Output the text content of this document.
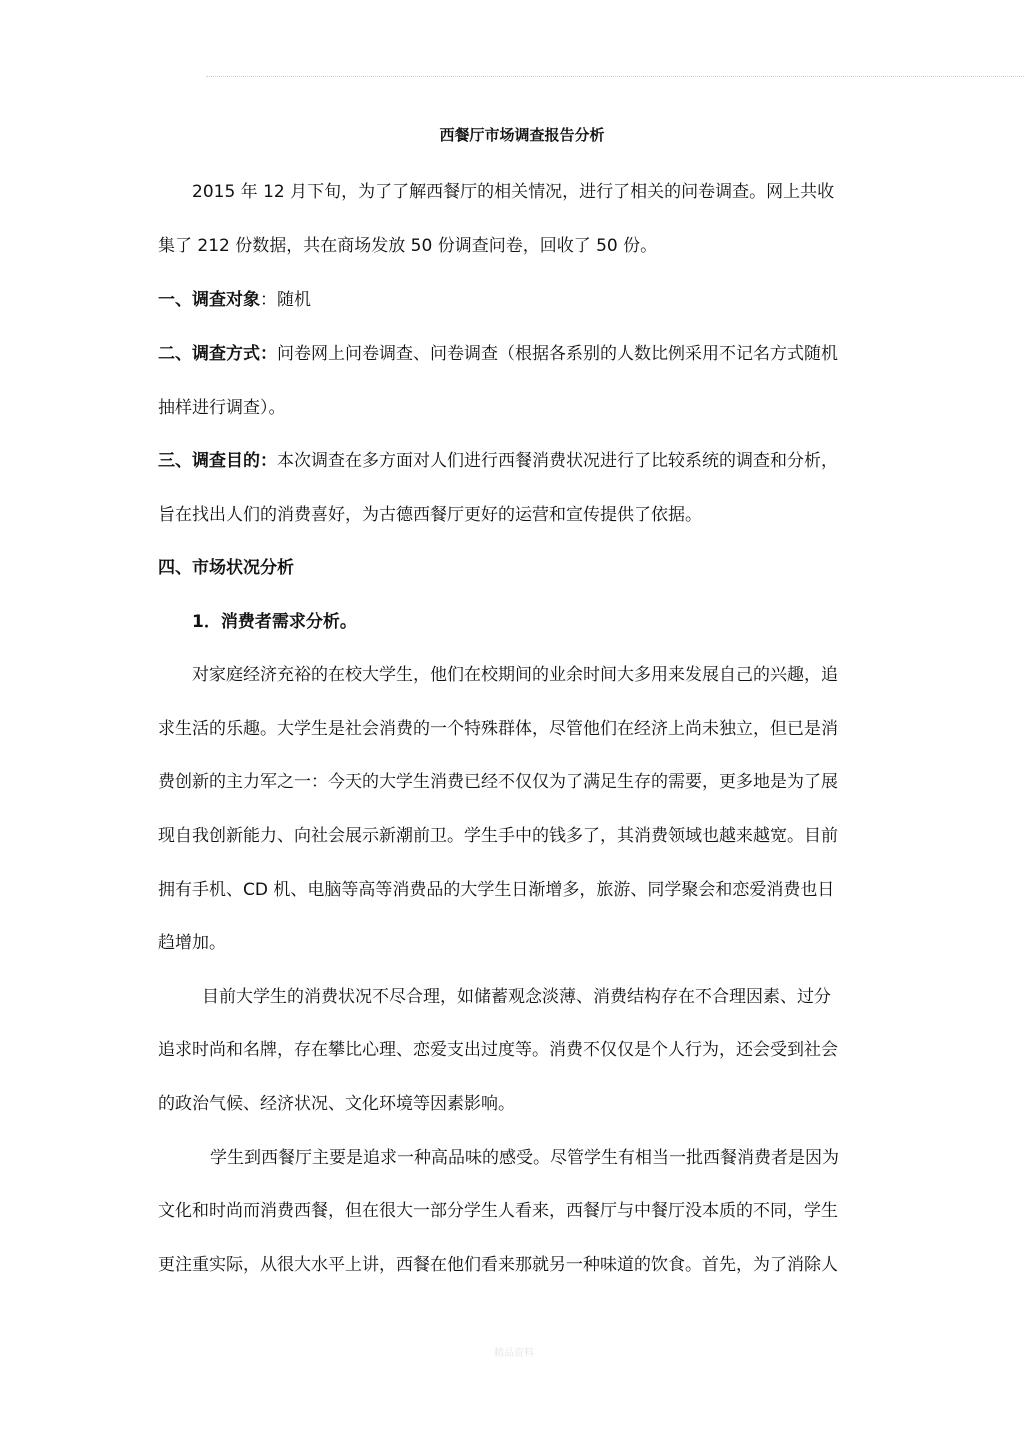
西餐厅市场调查报告分析
2015 年 12 月下旬，为了了解西餐厅的相关情况，进行了相关的问卷调查。网上共收
集了 212 份数据，共在商场发放 50 份调查问卷，回收了 50 份。
一、调查对象：随机
二、调查方式：问卷网上问卷调查、问卷调查（根据各系别的人数比例采用不记名方式随机
抽样进行调查）。
三、调查目的：本次调查在多方面对人们进行西餐消费状况进行了比较系统的调查和分析，
旨在找出人们的消费喜好，为古德西餐厅更好的运营和宣传提供了依据。
四、市场状况分析
1．消费者需求分析。
对家庭经济充裕的在校大学生，他们在校期间的业余时间大多用来发展自己的兴趣，追
求生活的乐趣。大学生是社会消费的一个特殊群体，尽管他们在经济上尚未独立，但已是消
费创新的主力军之一：今天的大学生消费已经不仅仅为了满足生存的需要，更多地是为了展
现自我创新能力、向社会展示新潮前卫。学生手中的钱多了，其消费领域也越来越宽。目前
拥有手机、CD 机、电脑等高等消费品的大学生日渐增多，旅游、同学聚会和恋爱消费也日
趋增加。
目前大学生的消费状况不尽合理，如储蓄观念淡薄、消费结构存在不合理因素、过分
追求时尚和名牌，存在攀比心理、恋爱支出过度等。消费不仅仅是个人行为，还会受到社会
的政治气候、经济状况、文化环境等因素影响。
学生到西餐厅主要是追求一种高品味的感受。尽管学生有相当一批西餐消费者是因为
文化和时尚而消费西餐，但在很大一部分学生人看来，西餐厅与中餐厅没本质的不同，学生
更注重实际，从很大水平上讲，西餐在他们看来那就另一种味道的饮食。首先，为了消除人
精品资料
